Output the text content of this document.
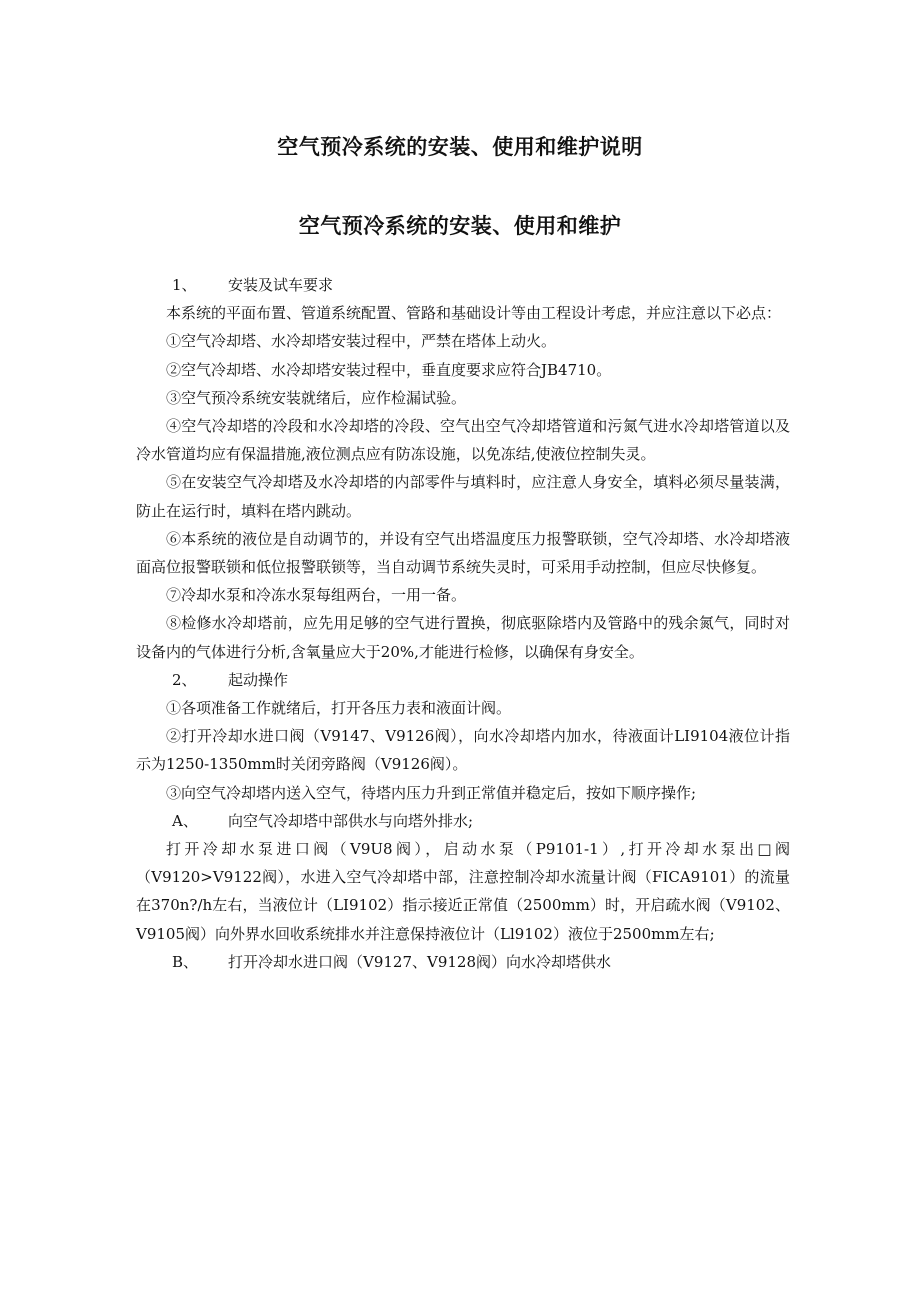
空气预冷系统的安装、使用和维护说明
空气预冷系统的安装、使用和维护

1、 安装及试车要求

本系统的平面布置、管道系统配置、管路和基础设计等由工程设计考虑，并应注意以下必点：

①空气冷却塔、水冷却塔安装过程中，严禁在塔体上动火。

②空气冷却塔、水冷却塔安装过程中，垂直度要求应符合JB4710。

③空气预冷系统安装就绪后，应作检漏试验。

④空气冷却塔的冷段和水冷却塔的冷段、空气出空气冷却塔管道和污氮气进水冷却塔管道以及冷水管道均应有保温措施,液位测点应有防冻设施，以免冻结,使液位控制失灵。

⑤在安装空气冷却塔及水冷却塔的内部零件与填料时，应注意人身安全，填料必须尽量装满，防止在运行时，填料在塔内跳动。

⑥本系统的液位是自动调节的，并设有空气出塔温度压力报警联锁，空气冷却塔、水冷却塔液面高位报警联锁和低位报警联锁等，当自动调节系统失灵时，可采用手动控制，但应尽快修复。

⑦冷却水泵和冷冻水泵每组两台，一用一备。

⑧检修水冷却塔前，应先用足够的空气进行置换，彻底驱除塔内及管路中的残余氮气，同时对设备内的气体进行分析,含氧量应大于20%,才能进行检修，以确保有身安全。

2、 起动操作

①各项准备工作就绪后，打开各压力表和液面计阀。

②打开冷却水进口阀（V9147、V9126阀），向水冷却塔内加水，待液面计LI9104液位计指示为1250-1350mm时关闭旁路阀（V9126阀）。

③向空气冷却塔内送入空气，待塔内压力升到正常值并稳定后，按如下顺序操作;

A、 向空气冷却塔中部供水与向塔外排水;

打开冷却水泵进口阀（V9U8阀），启动水泵（P9101-1）,打开冷却水泵出□阀（V9120>V9122阀），水进入空气冷却塔中部，注意控制冷却水流量计阀（FICA9101）的流量在370n?/h左右，当液位计（LI9102）指示接近正常值（2500mm）时，开启疏水阀（V9102、V9105阀）向外界水回收系统排水并注意保持液位计（Ll9102）液位于2500mm左右;

B、 打开冷却水进口阀（V9127、V9128阀）向水冷却塔供水
